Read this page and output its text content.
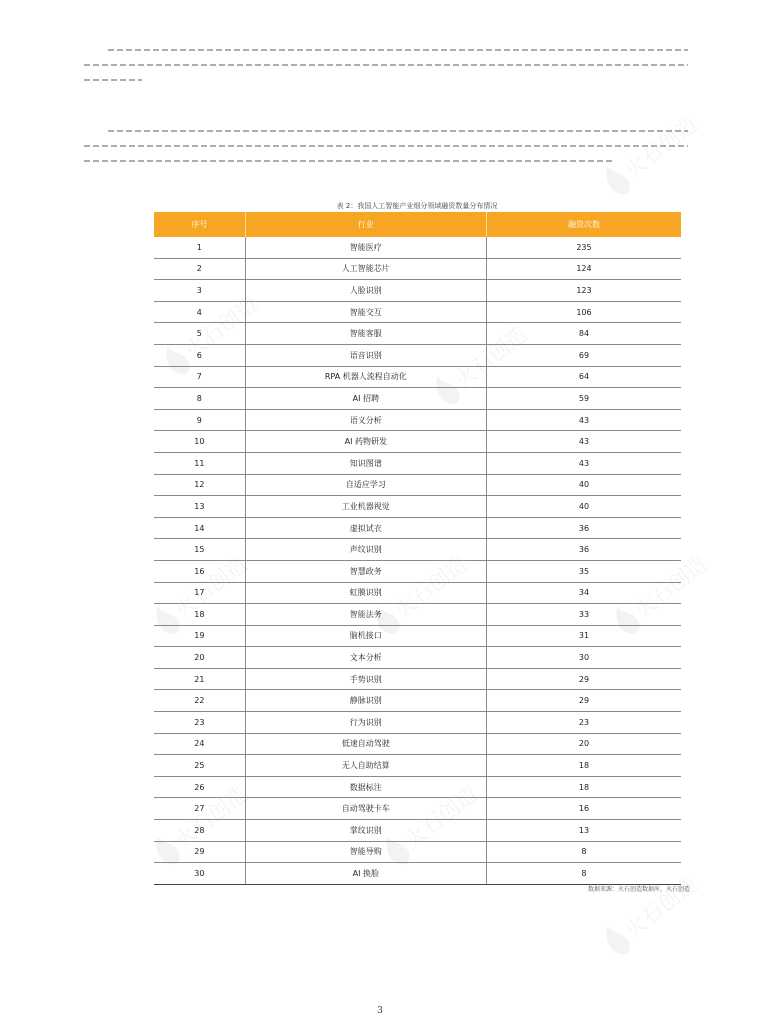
表 2：我国人工智能产业细分领域融资数量分布情况
序号	行业	融资次数
1	智能医疗	235
2	人工智能芯片	124
3	人脸识别	123
4	智能交互	106
5	智能客服	84
6	语音识别	69
7	RPA 机器人流程自动化	64
8	AI 招聘	59
9	语义分析	43
10	AI 药物研发	43
11	知识图谱	43
12	自适应学习	40
13	工业机器视觉	40
14	虚拟试衣	36
15	声纹识别	36
16	智慧政务	35
17	虹膜识别	34
18	智能法务	33
19	脑机接口	31
20	文本分析	30
21	手势识别	29
22	静脉识别	29
23	行为识别	23
24	低速自动驾驶	20
25	无人自助结算	18
26	数据标注	18
27	自动驾驶卡车	16
28	掌纹识别	13
29	智能导购	8
30	AI 换脸	8
数据来源：火石创造数据库，火石创造
3
